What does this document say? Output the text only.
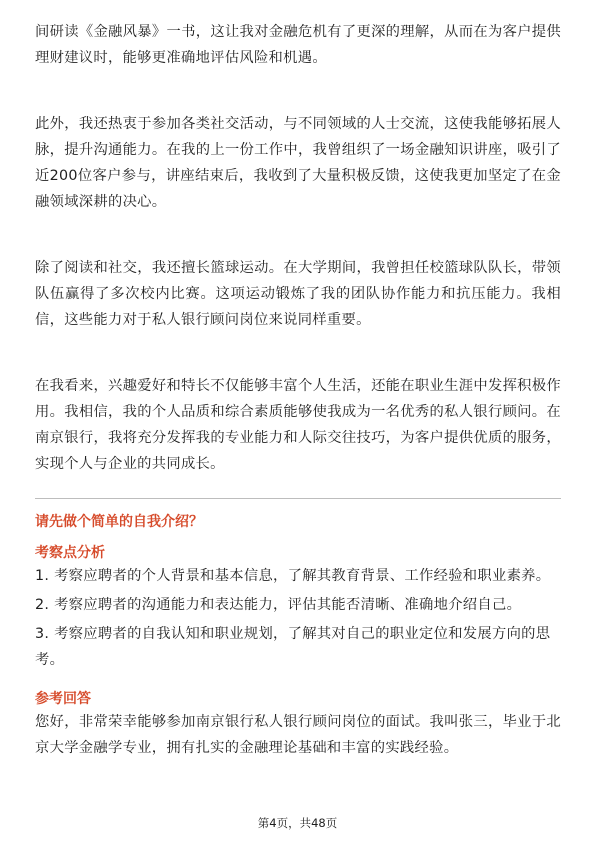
间研读《金融风暴》一书，这让我对金融危机有了更深的理解，从而在为客户提供理财建议时，能够更准确地评估风险和机遇。

此外，我还热衷于参加各类社交活动，与不同领域的人士交流，这使我能够拓展人脉，提升沟通能力。在我的上一份工作中，我曾组织了一场金融知识讲座，吸引了近200位客户参与，讲座结束后，我收到了大量积极反馈，这使我更加坚定了在金融领域深耕的决心。

除了阅读和社交，我还擅长篮球运动。在大学期间，我曾担任校篮球队队长，带领队伍赢得了多次校内比赛。这项运动锻炼了我的团队协作能力和抗压能力。我相信，这些能力对于私人银行顾问岗位来说同样重要。

在我看来，兴趣爱好和特长不仅能够丰富个人生活，还能在职业生涯中发挥积极作用。我相信，我的个人品质和综合素质能够使我成为一名优秀的私人银行顾问。在南京银行，我将充分发挥我的专业能力和人际交往技巧，为客户提供优质的服务，实现个人与企业的共同成长。

请先做个简单的自我介绍？

考察点分析

1. 考察应聘者的个人背景和基本信息，了解其教育背景、工作经验和职业素养。

2. 考察应聘者的沟通能力和表达能力，评估其能否清晰、准确地介绍自己。

3. 考察应聘者的自我认知和职业规划，了解其对自己的职业定位和发展方向的思考。

参考回答

您好，非常荣幸能够参加南京银行私人银行顾问岗位的面试。我叫张三，毕业于北京大学金融学专业，拥有扎实的金融理论基础和丰富的实践经验。

第4页，共48页
